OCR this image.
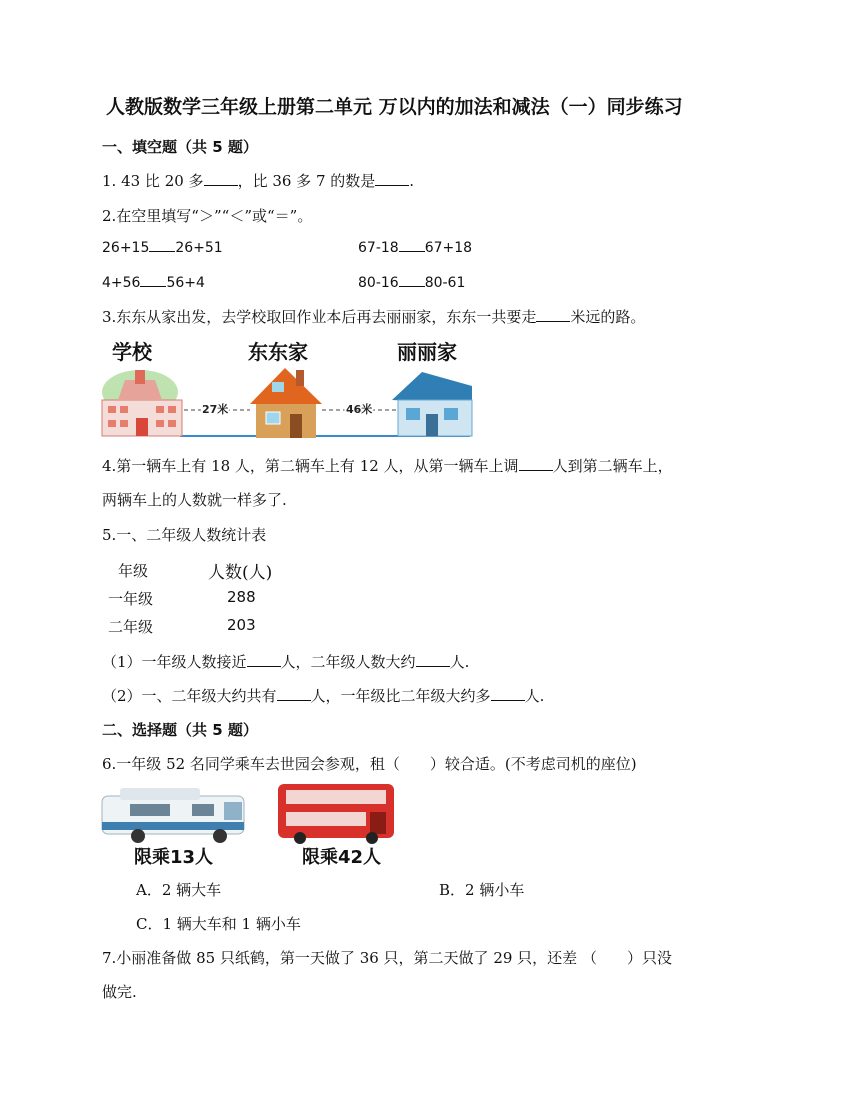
人教版数学三年级上册第二单元 万以内的加法和减法（一）同步练习
一、填空题（共 5 题）
1. 43 比 20 多 ，比 36 多 7 的数是 .
2.在空里填写“＞”“＜”或“＝”。
26+15 26+51	67-18 67+18
4+56 56+4	80-16 80-61
3.东东从家出发，去学校取回作业本后再去丽丽家，东东一共要走 米远的路。
学校	东东家	丽丽家
27米	46米
4.第一辆车上有 18 人，第二辆车上有 12 人，从第一辆车上调 人到第二辆车上，
两辆车上的人数就一样多了.
5.一、二年级人数统计表
年级	人数(人)
一年级	288
二年级	203
（1）一年级人数接近 人，二年级人数大约 人.
（2）一、二年级大约共有 人，一年级比二年级大约多 人.
二、选择题（共 5 题）
6.一年级 52 名同学乘车去世园会参观，租（　　）较合适。(不考虑司机的座位)
限乘13人	限乘42人
A．2 辆大车	B．2 辆小车
C．1 辆大车和 1 辆小车
7.小丽准备做 85 只纸鹤，第一天做了 36 只，第二天做了 29 只，还差 （　　）只没
做完.
